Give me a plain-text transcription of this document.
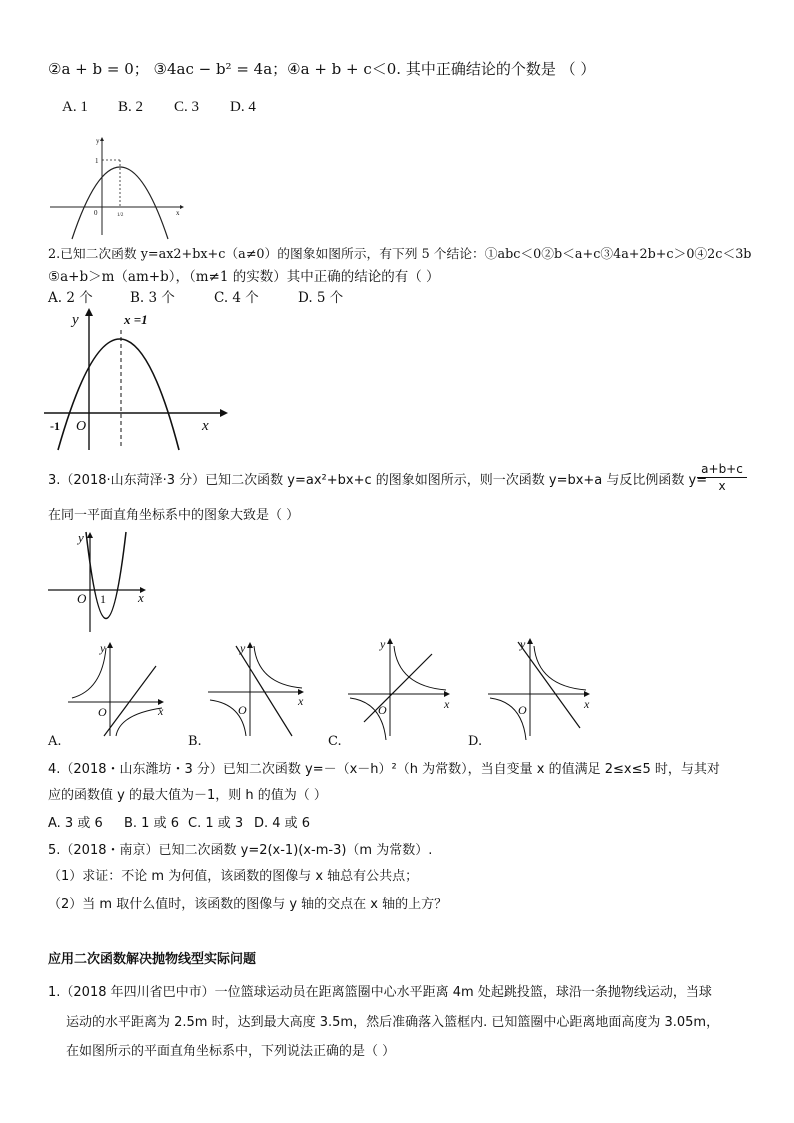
②a + b = 0； ③4ac − b² = 4a；④a + b + c＜0. 其中正确结论的个数是 （ ）
A. 1 B. 2 C. 3 D. 4
y
x
0
1
1/2
2.已知二次函数 y=ax2+bx+c（a≠0）的图象如图所示，有下列 5 个结论：①abc＜0②b＜a+c③4a+2b+c＞0④2c＜3b
⑤a+b＞m（am+b），（m≠1 的实数）其中正确的结论的有（ ）
A. 2 个	B. 3 个	C. 4 个	D. 5 个
y
x
x =1
-1 O
3.（2018·山东菏泽·3 分）已知二次函数 y=ax²+bx+c 的图象如图所示，则一次函数 y=bx+a 与反比例函数 y=
a+b+c
x
在同一平面直角坐标系中的图象大致是（ ）
y
x
O 1
y
x
O
A.
y
x
O
B.
y
x
O
C.
y
x
O
D.
4.（2018・山东潍坊・3 分）已知二次函数 y=－（x－h）²（h 为常数），当自变量 x 的值满足 2≤x≤5 时，与其对
应的函数值 y 的最大值为－1，则 h 的值为（ ）
A. 3 或 6 B. 1 或 6 C. 1 或 3 D. 4 或 6
5.（2018・南京）已知二次函数 y=2(x-1)(x-m-3)（m 为常数）.
（1）求证：不论 m 为何值，该函数的图像与 x 轴总有公共点；
（2）当 m 取什么值时，该函数的图像与 y 轴的交点在 x 轴的上方？
应用二次函数解决抛物线型实际问题
1.（2018 年四川省巴中市）一位篮球运动员在距离篮圈中心水平距离 4m 处起跳投篮，球沿一条抛物线运动，当球
运动的水平距离为 2.5m 时，达到最大高度 3.5m，然后准确落入篮框内. 已知篮圈中心距离地面高度为 3.05m，
在如图所示的平面直角坐标系中，下列说法正确的是（ ）
